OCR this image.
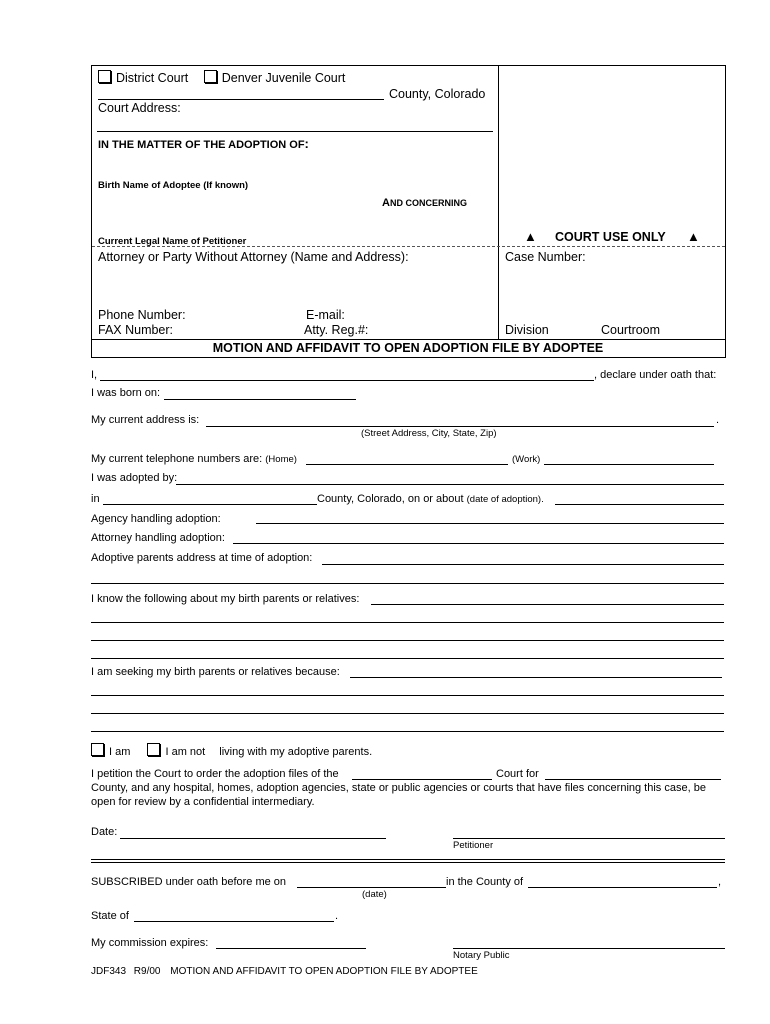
District Court	Denver Juvenile Court
County, Colorado
Court Address:
IN THE MATTER OF THE ADOPTION OF:
Birth Name of Adoptee (If known)
AND CONCERNING
Current Legal Name of Petitioner	▲ COURT USE ONLY ▲
Attorney or Party Without Attorney (Name and Address):	Case Number:
Phone Number:	E-mail:
FAX Number:	Atty. Reg.#:	Division	Courtroom
MOTION AND AFFIDAVIT TO OPEN ADOPTION FILE BY ADOPTEE
I,	, declare under oath that:
I was born on:
My current address is:	.
(Street Address, City, State, Zip)
My current telephone numbers are: (Home)	(Work)
I was adopted by:
in	County, Colorado, on or about (date of adoption).
Agency handling adoption:
Attorney handling adoption:
Adoptive parents address at time of adoption:
I know the following about my birth parents or relatives:
I am seeking my birth parents or relatives because:
I am	I am not living with my adoptive parents.
I petition the Court to order the adoption files of the	Court for
County, and any hospital, homes, adoption agencies, state or public agencies or courts that have files concerning this case, be
open for review by a confidential intermediary.
Date:
Petitioner
SUBSCRIBED under oath before me on	in the County of	,
(date)
State of	.
My commission expires:
Notary Public
JDF343 R9/00 MOTION AND AFFIDAVIT TO OPEN ADOPTION FILE BY ADOPTEE
